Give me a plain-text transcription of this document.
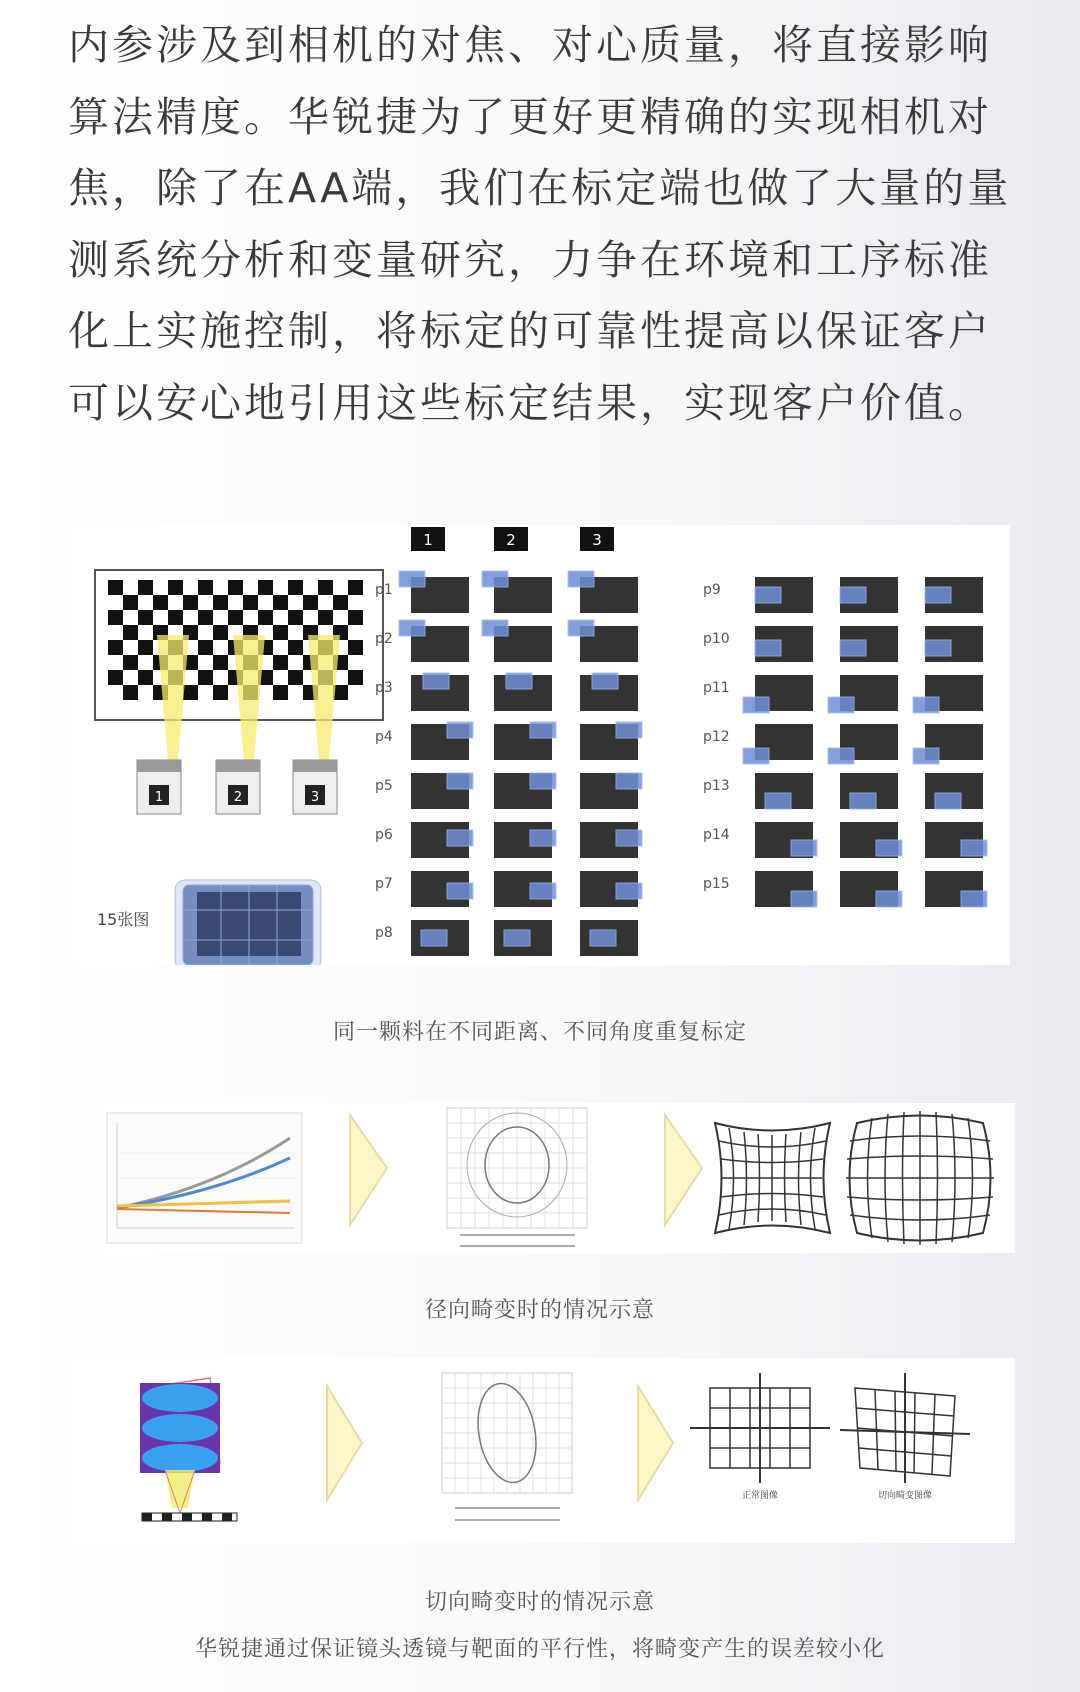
内参涉及到相机的对焦、对心质量，将直接影响算法精度。华锐捷为了更好更精确的实现相机对焦，除了在AA端，我们在标定端也做了大量的量测系统分析和变量研究，力争在环境和工序标准化上实施控制，将标定的可靠性提高以保证客户可以安心地引用这些标定结果，实现客户价值。

1	2	3
15张图
1	2	3
p1
p2
p3
p4
p5
p6
p7
p8
p9
p10
p11
p12
p13
p14
p15
同一颗料在不同距离、不同角度重复标定
径向畸变时的情况示意
正常图像	切向畸变图像
切向畸变时的情况示意
华锐捷通过保证镜头透镜与靶面的平行性，将畸变产生的误差较小化
